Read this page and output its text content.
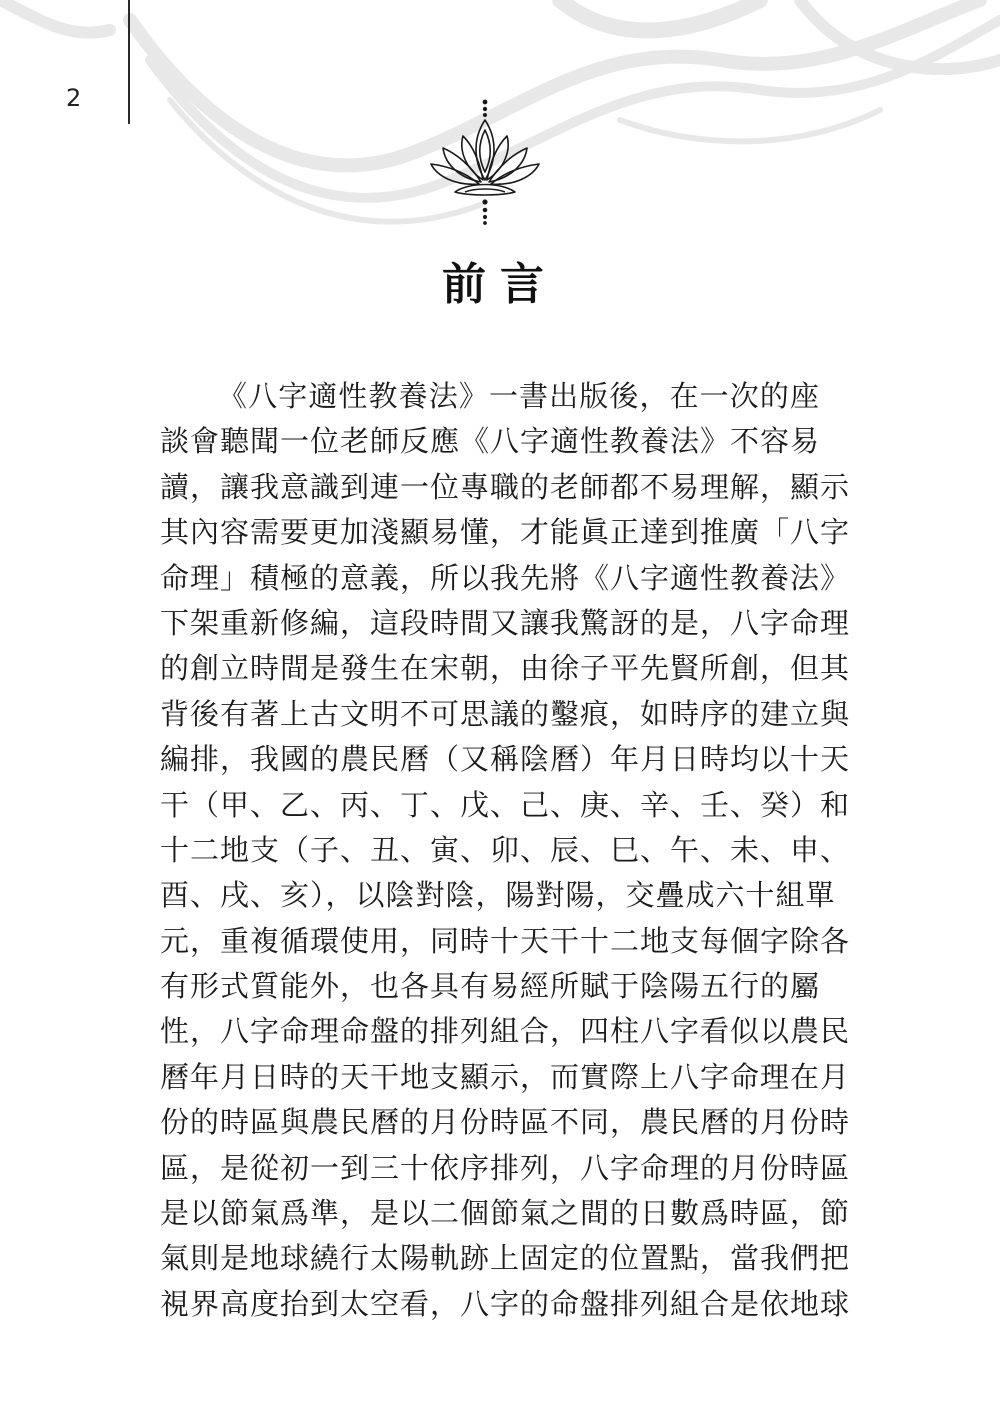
2
前言
《八字適性教養法》一書出版後，在一次的座
談會聽聞一位老師反應《八字適性教養法》不容易
讀，讓我意識到連一位專職的老師都不易理解，顯示
其內容需要更加淺顯易懂，才能眞正達到推廣「八字
命理」積極的意義，所以我先將《八字適性教養法》
下架重新修編，這段時間又讓我驚訝的是，八字命理
的創立時間是發生在宋朝，由徐子平先賢所創，但其
背後有著上古文明不可思議的鑿痕，如時序的建立與
編排，我國的農民曆（又稱陰曆）年月日時均以十天
干（甲、乙、丙、丁、戊、己、庚、辛、壬、癸）和
十二地支（子、丑、寅、卯、辰、巳、午、未、申、
酉、戌、亥），以陰對陰，陽對陽，交疊成六十組單
元，重複循環使用，同時十天干十二地支每個字除各
有形式質能外，也各具有易經所賦于陰陽五行的屬
性，八字命理命盤的排列組合，四柱八字看似以農民
曆年月日時的天干地支顯示，而實際上八字命理在月
份的時區與農民曆的月份時區不同，農民曆的月份時
區，是從初一到三十依序排列，八字命理的月份時區
是以節氣爲準，是以二個節氣之間的日數爲時區，節
氣則是地球繞行太陽軌跡上固定的位置點，當我們把
視界高度抬到太空看，八字的命盤排列組合是依地球
